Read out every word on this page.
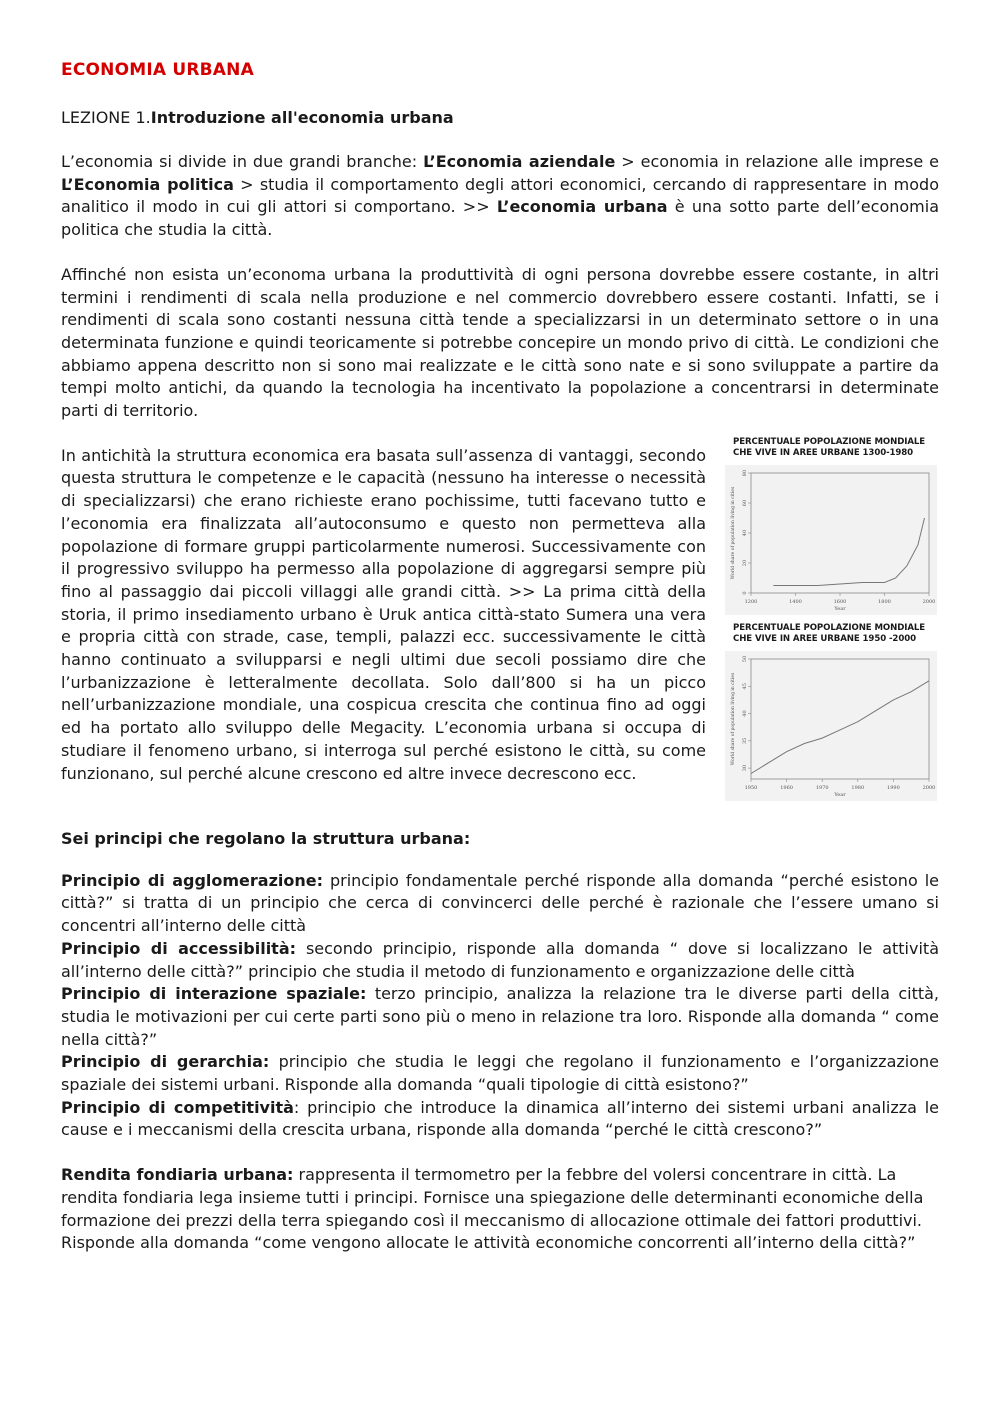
ECONOMIA URBANA
LEZIONE 1.Introduzione all'economia urbana

L’economia si divide in due grandi branche: L’Economia aziendale > economia in relazione alle imprese e L’Economia politica > studia il comportamento degli attori economici, cercando di rappresentare in modo analitico il modo in cui gli attori si comportano. >> L’economia urbana è una sotto parte dell’economia politica che studia la città.

Affinché non esista un’economa urbana la produttività di ogni persona dovrebbe essere costante, in altri termini i rendimenti di scala nella produzione e nel commercio dovrebbero essere costanti. Infatti, se i rendimenti di scala sono costanti nessuna città tende a specializzarsi in un determinato settore o in una determinata funzione e quindi teoricamente si potrebbe concepire un mondo privo di città. Le condizioni che abbiamo appena descritto non si sono mai realizzate e le città sono nate e si sono sviluppate a partire da tempi molto antichi, da quando la tecnologia ha incentivato la popolazione a concentrarsi in determinate parti di territorio.

In antichità la struttura economica era basata sull’assenza di vantaggi, secondo questa struttura le competenze e le capacità (nessuno ha interesse o necessità di specializzarsi) che erano richieste erano pochissime, tutti facevano tutto e l’economia era finalizzata all’autoconsumo e questo non permetteva alla popolazione di formare gruppi particolarmente numerosi. Successivamente con il progressivo sviluppo ha permesso alla popolazione di aggregarsi sempre più fino al passaggio dai piccoli villaggi alle grandi città. >> La prima città della storia, il primo insediamento urbano è Uruk antica città-stato Sumera una vera e propria città con strade, case, templi, palazzi ecc. successivamente le città hanno continuato a svilupparsi e negli ultimi due secoli possiamo dire che l’urbanizzazione è letteralmente decollata. Solo dall’800 si ha un picco nell’urbanizzazione mondiale, una cospicua crescita che continua fino ad oggi ed ha portato allo sviluppo delle Megacity. L’economia urbana si occupa di studiare il fenomeno urbano, si interroga sul perché esistono le città, su come funzionano, sul perché alcune crescono ed altre invece decrescono ecc.

PERCENTUALE POPOLAZIONE MONDIALE CHE VIVE IN AREE URBANE 1300-1980
1200	1400	1600	1800	2000
0
20
40
60
80
Year
World share of population living in cities
PERCENTUALE POPOLAZIONE MONDIALE CHE VIVE IN AREE URBANE 1950 -2000
1950	1960	1970	1980	1990	2000
30
35
40
45
50
Year
World share of population living in cities
Sei principi che regolano la struttura urbana:

Principio di agglomerazione: principio fondamentale perché risponde alla domanda “perché esistono le città?” si tratta di un principio che cerca di convincerci delle perché è razionale che l’essere umano si concentri all’interno delle città

Principio di accessibilità: secondo principio, risponde alla domanda “ dove si localizzano le attività all’interno delle città?” principio che studia il metodo di funzionamento e organizzazione delle città

Principio di interazione spaziale: terzo principio, analizza la relazione tra le diverse parti della città, studia le motivazioni per cui certe parti sono più o meno in relazione tra loro. Risponde alla domanda “ come nella città?”

Principio di gerarchia: principio che studia le leggi che regolano il funzionamento e l’organizzazione spaziale dei sistemi urbani. Risponde alla domanda “quali tipologie di città esistono?”

Principio di competitività: principio che introduce la dinamica all’interno dei sistemi urbani analizza le cause e i meccanismi della crescita urbana, risponde alla domanda “perché le città crescono?”

Rendita fondiaria urbana: rappresenta il termometro per la febbre del volersi concentrare in città. La rendita fondiaria lega insieme tutti i principi. Fornisce una spiegazione delle determinanti economiche della formazione dei prezzi della terra spiegando così il meccanismo di allocazione ottimale dei fattori produttivi. Risponde alla domanda “come vengono allocate le attività economiche concorrenti all’interno della città?”
